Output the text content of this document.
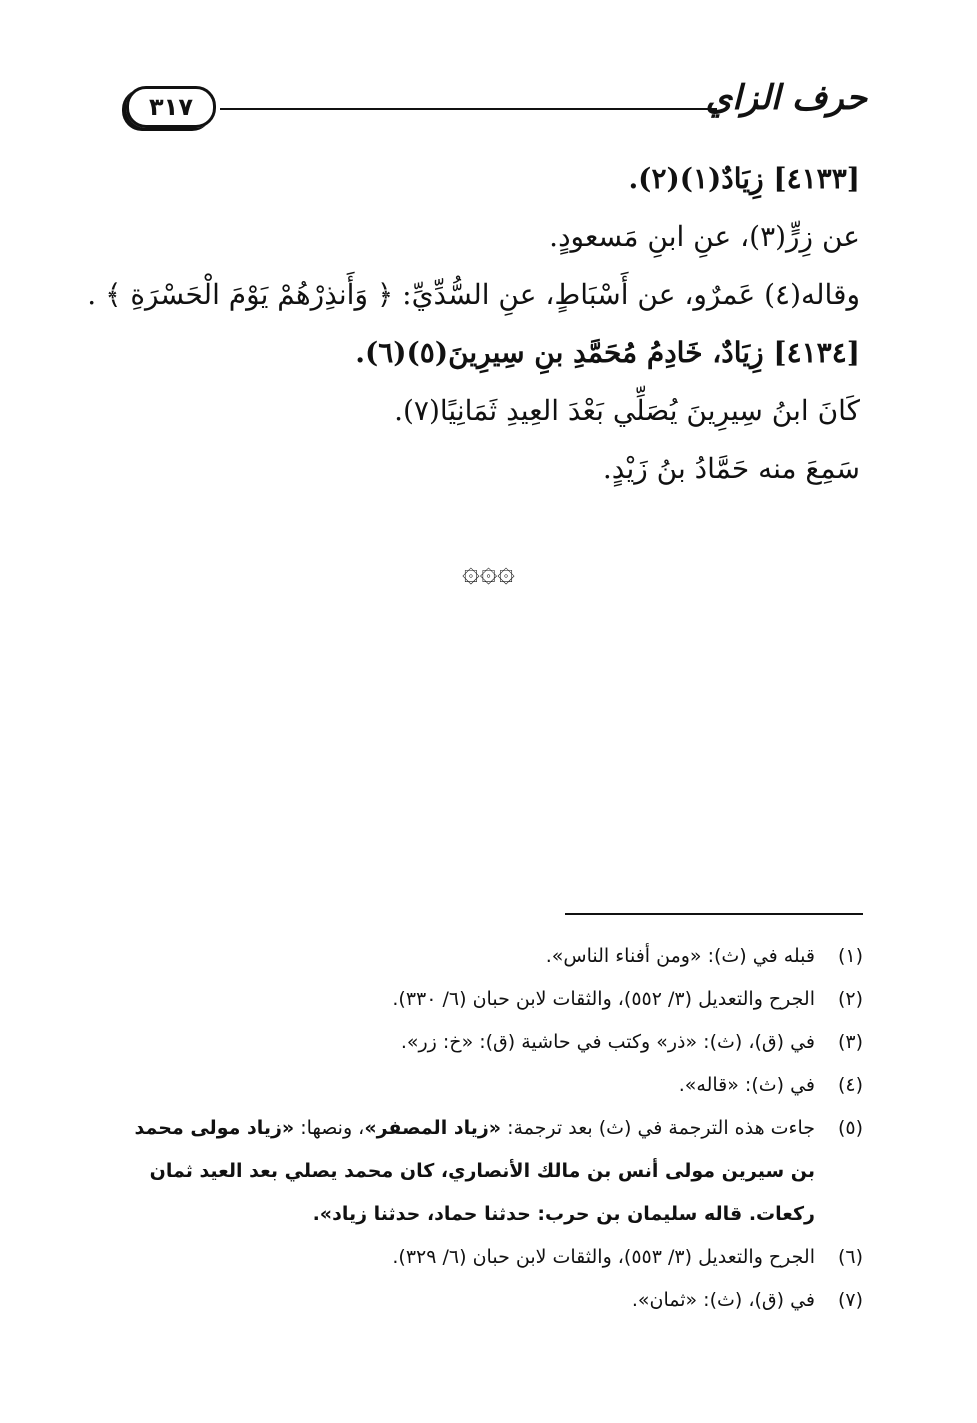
٣١٧	حرف الزاي
[٤١٣٣] زِيَادٌ(١)(٢).
عن زِرٍّ(٣)، عنِ ابنِ مَسعودٍ.
وقاله(٤) عَمرٌو، عن أَسْبَاطٍ، عنِ السُّدِّيِّ: ﴿ وَأَنذِرْهُمْ يَوْمَ الْحَسْرَةِ ﴾ .
[٤١٣٤] زِيَادٌ، خَادِمُ مُحَمَّدِ بنِ سِيرِينَ(٥)(٦).
كَانَ ابنُ سِيرِينَ يُصَلِّي بَعْدَ العِيدِ ثَمَانِيًا(٧).
سَمِعَ منه حَمَّادُ بنُ زَيْدٍ.
۞۞۞
(١)
قبله في (ث): «ومن أفناء الناس».
(٢)
الجرح والتعديل (٣/ ٥٥٢)، والثقات لابن حبان (٦/ ٣٣٠).
(٣)
في (ق)، (ث): «ذر» وكتب في حاشية (ق): «خ: زر».
(٤)
في (ث): «قاله».
(٥)
جاءت هذه الترجمة في (ث) بعد ترجمة: «زياد المصفر»، ونصها: «زياد مولى محمد بن سيرين مولى أنس بن مالك الأنصاري، كان محمد يصلي بعد العيد ثمان ركعات. قاله سليمان بن حرب: حدثنا حماد، حدثنا زياد».
(٦)
الجرح والتعديل (٣/ ٥٥٣)، والثقات لابن حبان (٦/ ٣٢٩).
(٧)
في (ق)، (ث): «ثمان».
